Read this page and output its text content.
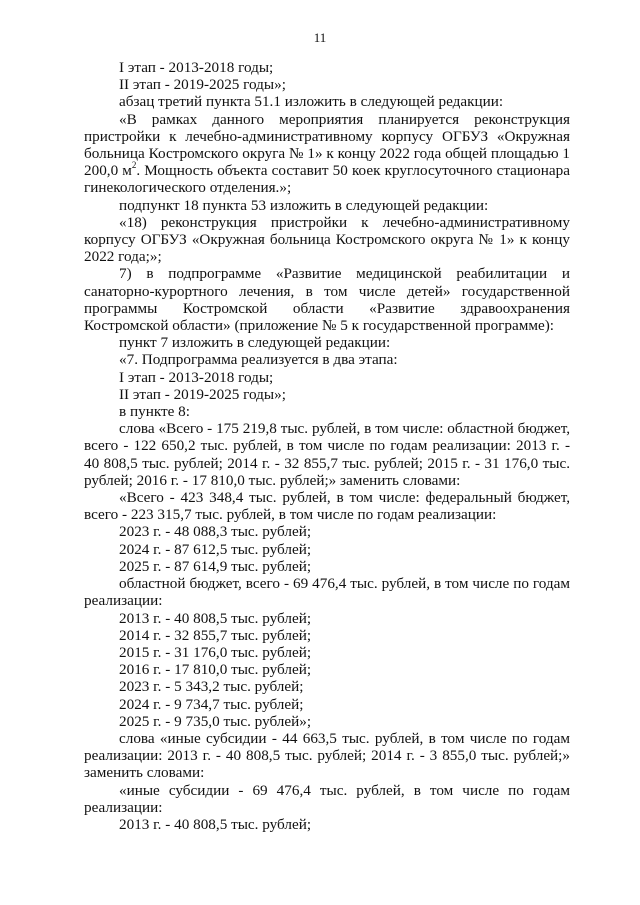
11

I этап - 2013-2018 годы;

II этап - 2019-2025 годы»;

абзац третий пункта 51.1 изложить в следующей редакции:

«В рамках данного мероприятия планируется реконструкция пристройки к лечебно-административному корпусу ОГБУЗ «Окружная больница Костромского округа № 1» к концу 2022 года общей площадью 1 200,0 $м^2$. Мощность объекта составит 50 коек круглосуточного стационара гинекологического отделения.»;

подпункт 18 пункта 53 изложить в следующей редакции:

«18) реконструкция пристройки к лечебно-административному корпусу ОГБУЗ «Окружная больница Костромского округа № 1» к концу 2022 года;»;

7) в подпрограмме «Развитие медицинской реабилитации и санаторно-курортного лечения, в том числе детей» государственной программы Костромской области «Развитие здравоохранения Костромской области» (приложение № 5 к государственной программе):

пункт 7 изложить в следующей редакции:

«7. Подпрограмма реализуется в два этапа:

I этап - 2013-2018 годы;

II этап - 2019-2025 годы»;

в пункте 8:

слова «Всего - 175 219,8 тыс. рублей, в том числе: областной бюджет, всего - 122 650,2 тыс. рублей, в том числе по годам реализации: 2013 г. - 40 808,5 тыс. рублей; 2014 г. - 32 855,7 тыс. рублей; 2015 г. - 31 176,0 тыс. рублей; 2016 г. - 17 810,0 тыс. рублей;» заменить словами:

«Всего - 423 348,4 тыс. рублей, в том числе: федеральный бюджет, всего - 223 315,7 тыс. рублей, в том числе по годам реализации:

2023 г. - 48 088,3 тыс. рублей;

2024 г. - 87 612,5 тыс. рублей;

2025 г. - 87 614,9 тыс. рублей;

областной бюджет, всего - 69 476,4 тыс. рублей, в том числе по годам реализации:

2013 г. - 40 808,5 тыс. рублей;

2014 г. - 32 855,7 тыс. рублей;

2015 г. - 31 176,0 тыс. рублей;

2016 г. - 17 810,0 тыс. рублей;

2023 г. - 5 343,2 тыс. рублей;

2024 г. - 9 734,7 тыс. рублей;

2025 г. - 9 735,0 тыс. рублей»;

слова «иные субсидии - 44 663,5 тыс. рублей, в том числе по годам реализации: 2013 г. - 40 808,5 тыс. рублей; 2014 г. - 3 855,0 тыс. рублей;» заменить словами:

«иные субсидии - 69 476,4 тыс. рублей, в том числе по годам реализации:

2013 г. - 40 808,5 тыс. рублей;
